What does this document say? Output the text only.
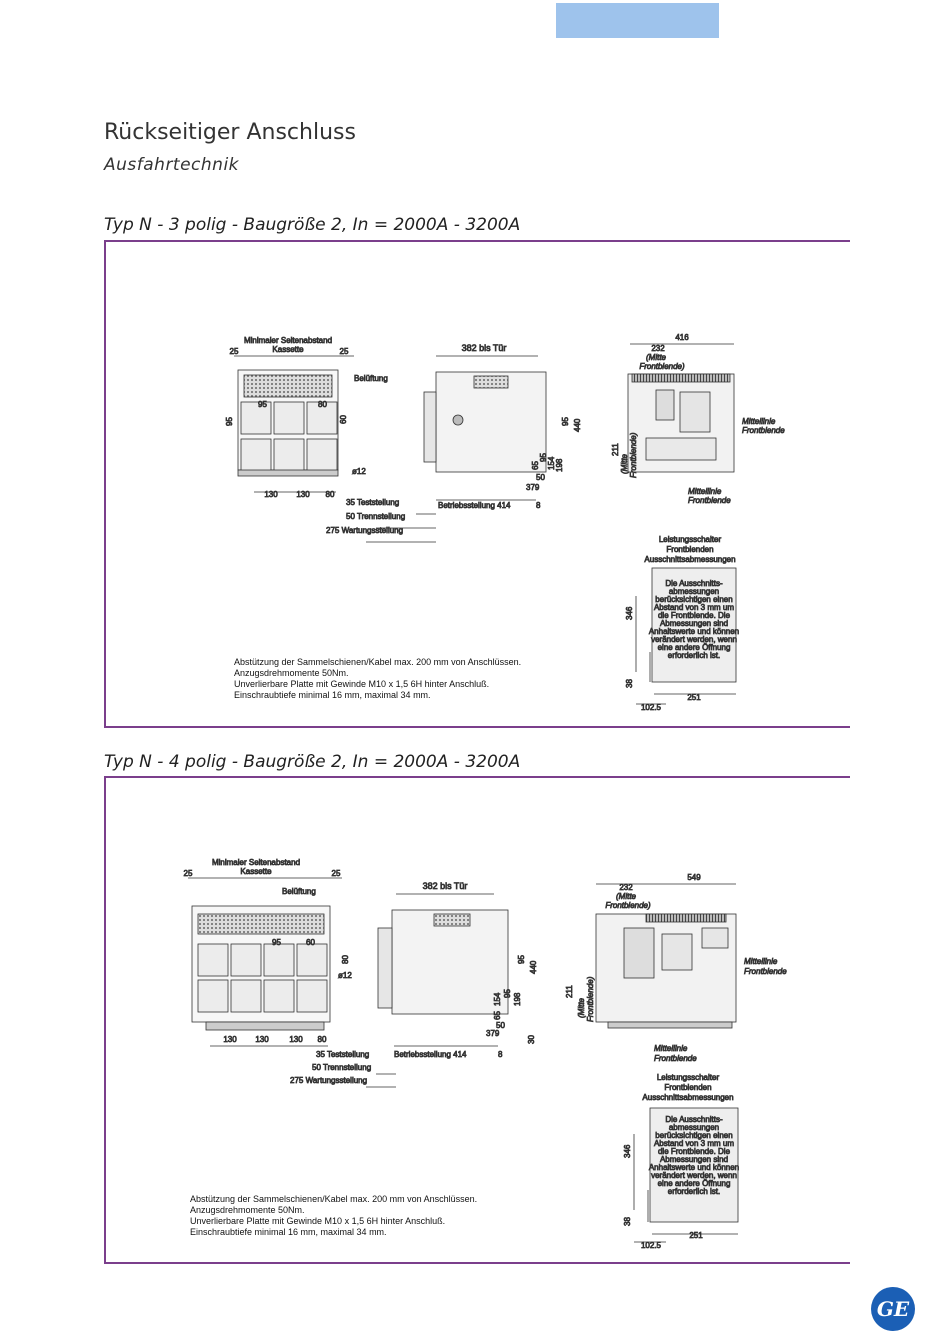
Rückseitiger Anschluss
Ausfahrtechnik
Typ N - 3 polig - Baugröße 2, In = 2000A - 3200A
Minimaler Seitenabstand
Kassette
25	25
Belüftung
95	80
95	60
ø12
130 130 80
382 bis Tür
95 440
65
95 154 198
379
50
35 Teststellung	Betriebsstellung 414	8
50 Trennstellung
275 Wartungsstellung
416
232
(Mitte
Frontblende)
211
(Mitte Frontblende)
Mittellinie
Frontblende
Mittellinie
Frontblende
Leistungsschalter
Frontblenden
Ausschnittsabmessungen
Die Ausschnitts-
abmessungen
berücksichtigen einen
Abstand von 3 mm um
die Frontblende. Die
Abmessungen sind
Anhaltswerte und können
verändert werden, wenn
eine andere Öffnung
erforderlich ist.
346
38
251
102.5
Abstützung der Sammelschienen/Kabel max. 200 mm von Anschlüssen.
Anzugsdrehmomente 50Nm.
Unverlierbare Platte mit Gewinde M10 x 1,5 6H hinter Anschluß.
Einschraubtiefe minimal 16 mm, maximal 34 mm.
Typ N - 4 polig - Baugröße 2, In = 2000A - 3200A
Minimaler Seitenabstand
Kassette
25	25
Belüftung
95	60
80
ø12
130 130	130 80
382 bis Tür
95
440
154 95
65
198
30
379
50
35 Teststellung	Betriebsstellung 414	8
50 Trennstellung
275 Wartungsstellung
549
232
(Mitte
Frontblende)
211
(Mitte Frontblende)
Mittellinie
Frontblende
Mittellinie
Frontblende
Leistungsschalter
Frontblenden
Ausschnittsabmessungen
Die Ausschnitts-
abmessungen
berücksichtigen einen
Abstand von 3 mm um
die Frontblende. Die
Abmessungen sind
Anhaltswerte und können
verändert werden, wenn
eine andere Öffnung
erforderlich ist.
346
38
251
102.5
Abstützung der Sammelschienen/Kabel max. 200 mm von Anschlüssen.
Anzugsdrehmomente 50Nm.
Unverlierbare Platte mit Gewinde M10 x 1,5 6H hinter Anschluß.
Einschraubtiefe minimal 16 mm, maximal 34 mm.
GE
